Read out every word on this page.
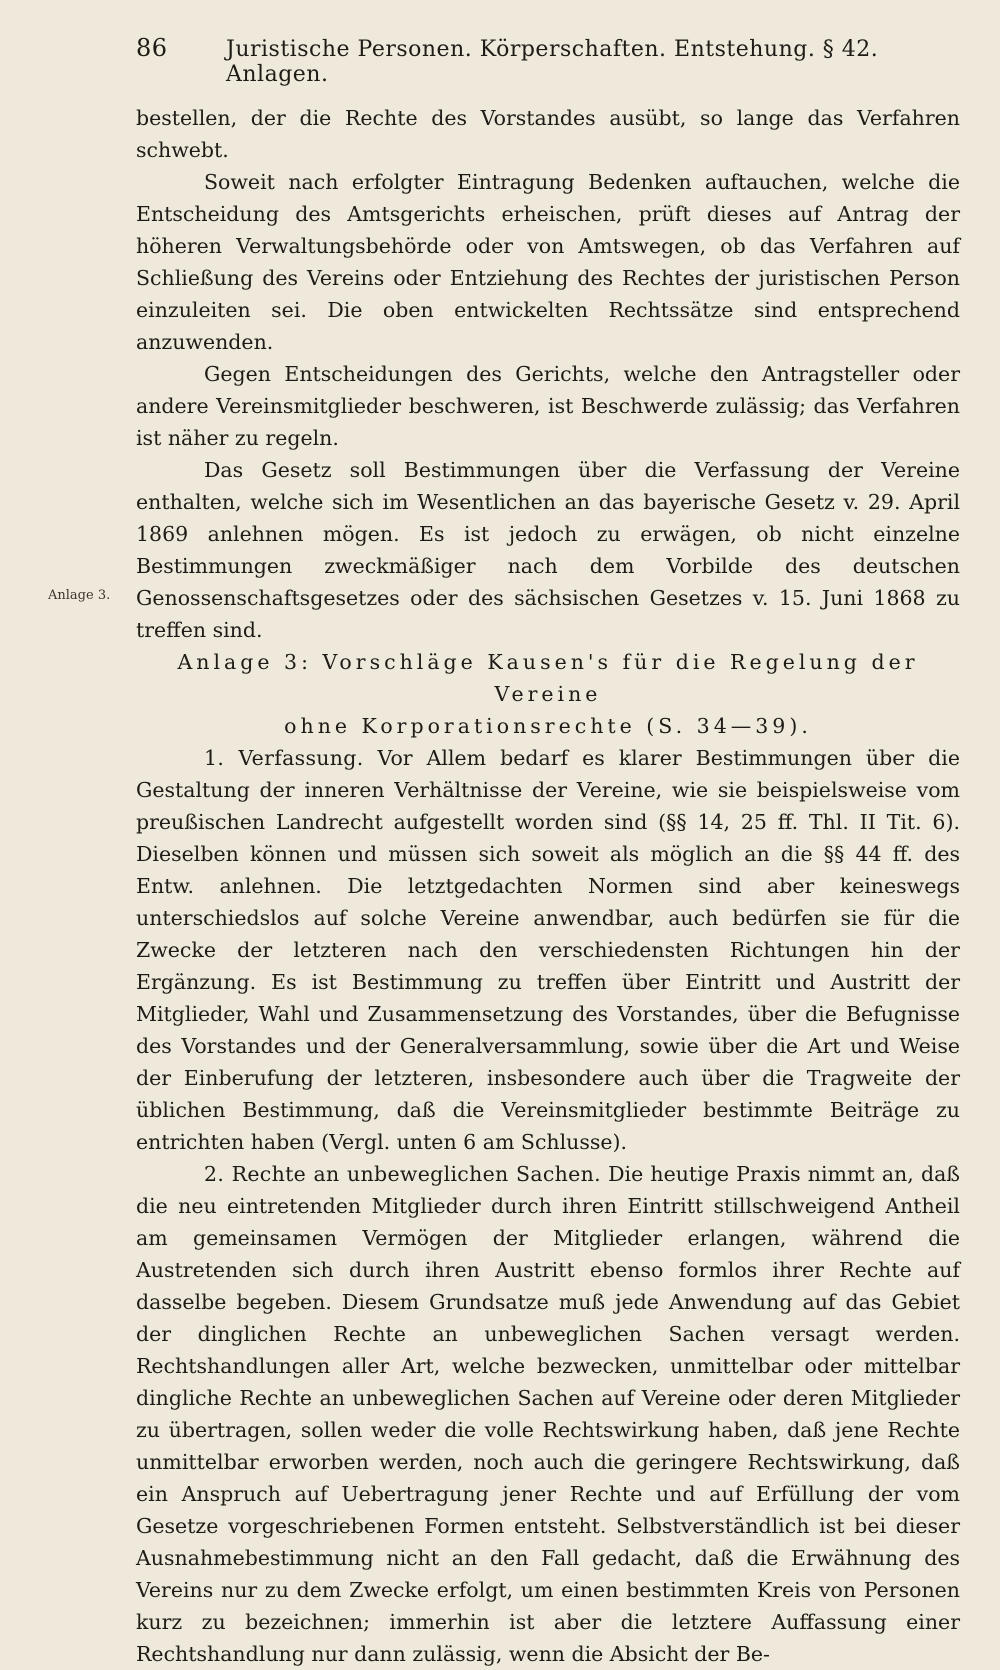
86	Juristische Personen. Körperschaften. Entstehung. § 42. Anlagen.

bestellen, der die Rechte des Vorstandes ausübt, so lange das Verfahren schwebt.

Soweit nach erfolgter Eintragung Bedenken auftauchen, welche die Entscheidung des Amtsgerichts erheischen, prüft dieses auf Antrag der höheren Verwaltungsbehörde oder von Amtswegen, ob das Verfahren auf Schließung des Vereins oder Entziehung des Rechtes der juristischen Person einzuleiten sei. Die oben entwickelten Rechtssätze sind entsprechend anzuwenden.

Gegen Entscheidungen des Gerichts, welche den Antragsteller oder andere Vereinsmitglieder beschweren, ist Beschwerde zulässig; das Verfahren ist näher zu regeln.

Das Gesetz soll Bestimmungen über die Verfassung der Vereine enthalten, welche sich im Wesentlichen an das bayerische Gesetz v. 29. April 1869 anlehnen mögen. Es ist jedoch zu erwägen, ob nicht einzelne Bestimmungen zweckmäßiger nach dem Vorbilde des deutschen Genossenschaftsgesetzes oder des sächsischen Gesetzes v. 15. Juni 1868 zu treffen sind.

Anlage 3: Vorschläge Kausen's für die Regelung der Vereine

ohne Korporationsrechte (S. 34—39).

1. Verfassung. Vor Allem bedarf es klarer Bestimmungen über die Gestaltung der inneren Verhältnisse der Vereine, wie sie beispielsweise vom preußischen Landrecht aufgestellt worden sind (§§ 14, 25 ff. Thl. II Tit. 6). Dieselben können und müssen sich soweit als möglich an die §§ 44 ff. des Entw. anlehnen. Die letztgedachten Normen sind aber keineswegs unterschiedslos auf solche Vereine anwendbar, auch bedürfen sie für die Zwecke der letzteren nach den verschiedensten Richtungen hin der Ergänzung. Es ist Bestimmung zu treffen über Eintritt und Austritt der Mitglieder, Wahl und Zusammensetzung des Vorstandes, über die Befugnisse des Vorstandes und der Generalversammlung, sowie über die Art und Weise der Einberufung der letzteren, insbesondere auch über die Tragweite der üblichen Bestimmung, daß die Vereinsmitglieder bestimmte Beiträge zu entrichten haben (Vergl. unten 6 am Schlusse).

2. Rechte an unbeweglichen Sachen. Die heutige Praxis nimmt an, daß die neu eintretenden Mitglieder durch ihren Eintritt stillschweigend Antheil am gemeinsamen Vermögen der Mitglieder erlangen, während die Austretenden sich durch ihren Austritt ebenso formlos ihrer Rechte auf dasselbe begeben. Diesem Grundsatze muß jede Anwendung auf das Gebiet der dinglichen Rechte an unbeweglichen Sachen versagt werden. Rechtshandlungen aller Art, welche bezwecken, unmittelbar oder mittelbar dingliche Rechte an unbeweglichen Sachen auf Vereine oder deren Mitglieder zu übertragen, sollen weder die volle Rechtswirkung haben, daß jene Rechte unmittelbar erworben werden, noch auch die geringere Rechtswirkung, daß ein Anspruch auf Uebertragung jener Rechte und auf Erfüllung der vom Gesetze vorgeschriebenen Formen entsteht. Selbstverständlich ist bei dieser Ausnahmebestimmung nicht an den Fall gedacht, daß die Erwähnung des Vereins nur zu dem Zwecke erfolgt, um einen bestimmten Kreis von Personen kurz zu bezeichnen; immerhin ist aber die letztere Auffassung einer Rechtshandlung nur dann zulässig, wenn die Absicht der Be-

Anlage 3.
